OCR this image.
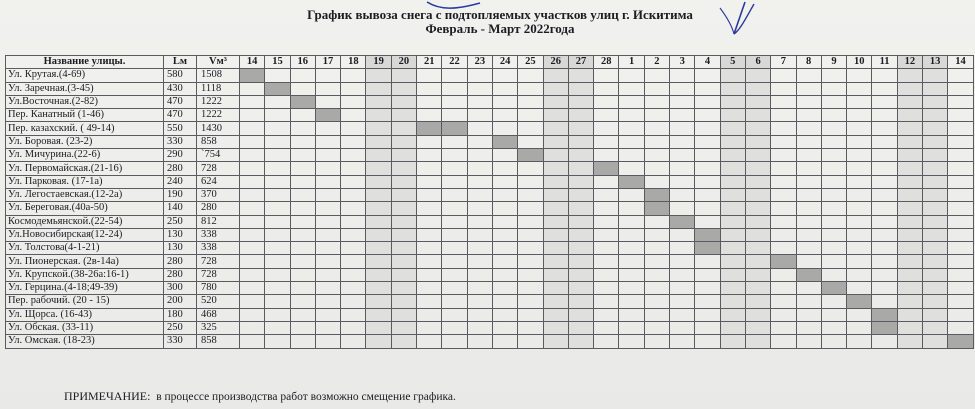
График вывоза снега с подтопляемых участков улиц г. Искитима
Февраль - Март 2022года
Название улицы.	Lм	Vм³	14	15	16	17	18	19	20	21	22	23	24	25	26	27	28	1	2	3	4	5	6	7	8	9	10	11	12	13	14
Ул. Крутая.(4-69)	580	1508																													
Ул. Заречная.(3-45)	430	1118																													
Ул.Восточная.(2-82)	470	1222																													
Пер. Канатный (1-46)	470	1222																													
Пер. казахский. ( 49-14)	550	1430																													
Ул. Боровая. (23-2)	330	858																													
Ул. Мичурина.(22-6)	290	`754																													
Ул. Первомайская.(21-16)	280	728																													
Ул. Парковая. (17-1а)	240	624																													
Ул. Легостаевская.(12-2а)	190	370																													
Ул. Береговая.(40а-50)	140	280																													
Космодемьянской.(22-54)	250	812																													
Ул.Новосибирская(12-24)	130	338																													
Ул. Толстова(4-1-21)	130	338																													
Ул. Пионерская. (2в-14а)	280	728																													
Ул. Крупской.(38-26а:16-1)	280	728																													
Ул. Герцина.(4-18;49-39)	300	780																													
Пер. рабочий. (20 - 15)	200	520																													
Ул. Щорса. (16-43)	180	468																													
Ул. Обская. (33-11)	250	325																													
Ул. Омская. (18-23)	330	858																													
ПРИМЕЧАНИЕ: в процессе производства работ возможно смещение графика.
